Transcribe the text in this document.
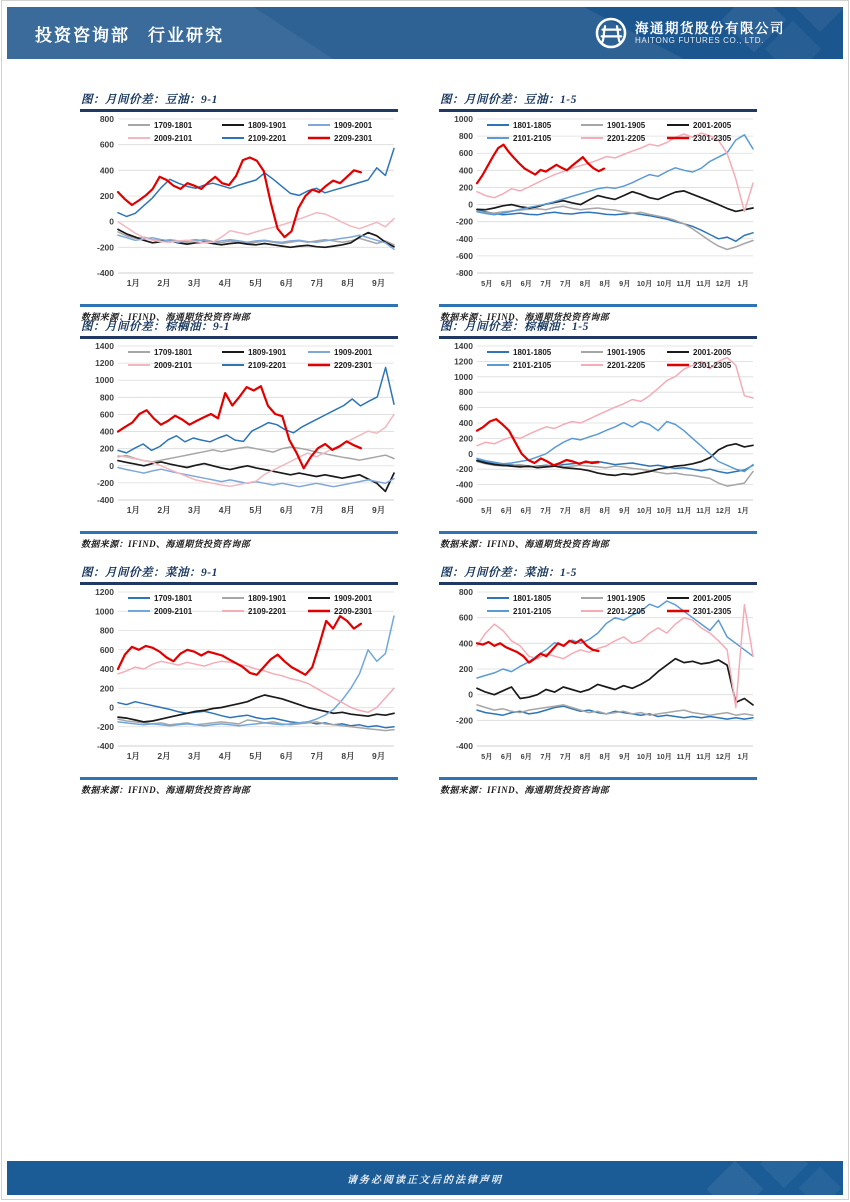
投资咨询部 行业研究	海通期货股份有限公司
HAITONG FUTURES CO., LTD.
图：月间价差：豆油：9-1
800
600
400
200
0
-200
-400
1月 2月 3月 4月 5月 6月 7月 8月 9月
1709-1801	1809-1901	1909-2001
2009-2101	2109-2201	2209-2301
数据来源：IFIND、海通期货投资咨询部
图：月间价差：豆油：1-5
1000
800
600
400
200
0
-200
-400
-600
-800
5月 6月 6月 7月 7月 8月 8月 9月 10月 10月 11月 11月 12月 1月
1801-1805	1901-1905	2001-2005
2101-2105	2201-2205	2301-2305
数据来源：IFIND、海通期货投资咨询部
图：月间价差：棕榈油：9-1
1400
1200
1000
800
600
400
200
0
-200
-400
1月 2月 3月 4月 5月 6月 7月 8月 9月
1709-1801	1809-1901	1909-2001
2009-2101	2109-2201	2209-2301
数据来源：IFIND、海通期货投资咨询部
图：月间价差：棕榈油：1-5
1400
1200
1000
800
600
400
200
0
-200
-400
-600
5月 6月 6月 7月 7月 8月 8月 9月 10月 10月 11月 11月 12月 1月
1801-1805	1901-1905	2001-2005
2101-2105	2201-2205	2301-2305
数据来源：IFIND、海通期货投资咨询部
图：月间价差：菜油：9-1
1200
1000
800
600
400
200
0
-200
-400
1月 2月 3月 4月 5月 6月 7月 8月 9月
1709-1801	1809-1901	1909-2001
2009-2101	2109-2201	2209-2301
数据来源：IFIND、海通期货投资咨询部
图：月间价差：菜油：1-5
800
600
400
200
0
-200
-400
5月 6月 6月 7月 7月 8月 8月 9月 10月 10月 11月 11月 12月 1月
1801-1805	1901-1905	2001-2005
2101-2105	2201-2205	2301-2305
数据来源：IFIND、海通期货投资咨询部
请务必阅读正文后的法律声明
